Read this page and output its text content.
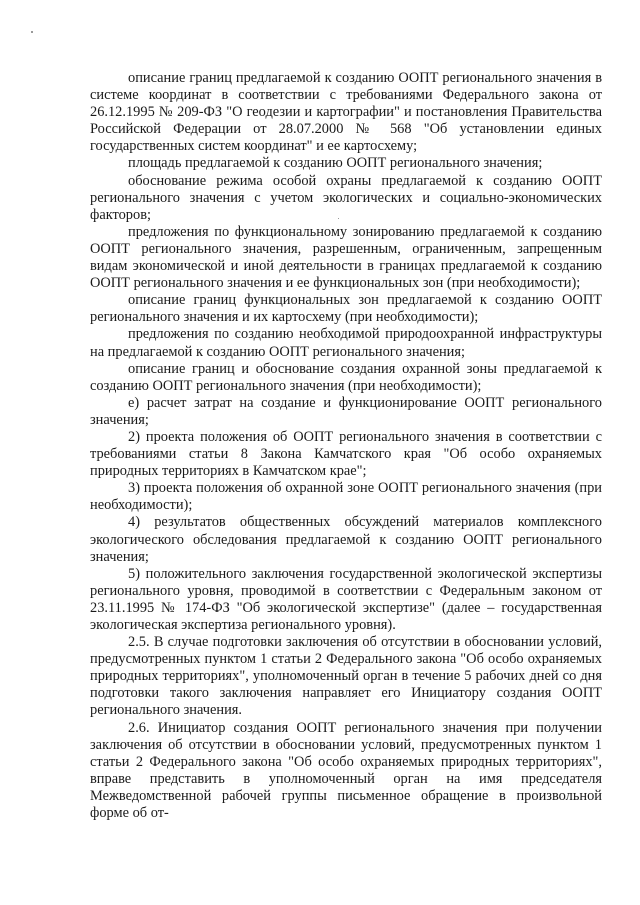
описание границ предлагаемой к созданию ООПТ регионального значения в системе координат в соответствии с требованиями Федерального закона от 26.12.1995 № 209-ФЗ "О геодезии и картографии" и постановления Правительства Российской Федерации от 28.07.2000 № 568 "Об установлении единых государственных систем координат" и ее картосхему;

площадь предлагаемой к созданию ООПТ регионального значения;

обоснование режима особой охраны предлагаемой к созданию ООПТ регионального значения с учетом экологических и социально-экономических факторов;

предложения по функциональному зонированию предлагаемой к созданию ООПТ регионального значения, разрешенным, ограниченным, запрещенным видам экономической и иной деятельности в границах предлагаемой к созданию ООПТ регионального значения и ее функциональных зон (при необходимости);

описание границ функциональных зон предлагаемой к созданию ООПТ регионального значения и их картосхему (при необходимости);

предложения по созданию необходимой природоохранной инфраструктуры на предлагаемой к созданию ООПТ регионального значения;

описание границ и обоснование создания охранной зоны предлагаемой к созданию ООПТ регионального значения (при необходимости);

е) расчет затрат на создание и функционирование ООПТ регионального значения;

2) проекта положения об ООПТ регионального значения в соответствии с требованиями статьи 8 Закона Камчатского края "Об особо охраняемых природных территориях в Камчатском крае";

3) проекта положения об охранной зоне ООПТ регионального значения (при необходимости);

4) результатов общественных обсуждений материалов комплексного экологического обследования предлагаемой к созданию ООПТ регионального значения;

5) положительного заключения государственной экологической экспертизы регионального уровня, проводимой в соответствии с Федеральным законом от 23.11.1995 № 174-ФЗ "Об экологической экспертизе" (далее – государственная экологическая экспертиза регионального уровня).

2.5. В случае подготовки заключения об отсутствии в обосновании условий, предусмотренных пунктом 1 статьи 2 Федерального закона "Об особо охраняемых природных территориях", уполномоченный орган в течение 5 рабочих дней со дня подготовки такого заключения направляет его Инициатору создания ООПТ регионального значения.

2.6. Инициатор создания ООПТ регионального значения при получении заключения об отсутствии в обосновании условий, предусмотренных пунктом 1 статьи 2 Федерального закона "Об особо охраняемых природных территориях", вправе представить в уполномоченный орган на имя председателя Межведомственной рабочей группы письменное обращение в произвольной форме об от-
